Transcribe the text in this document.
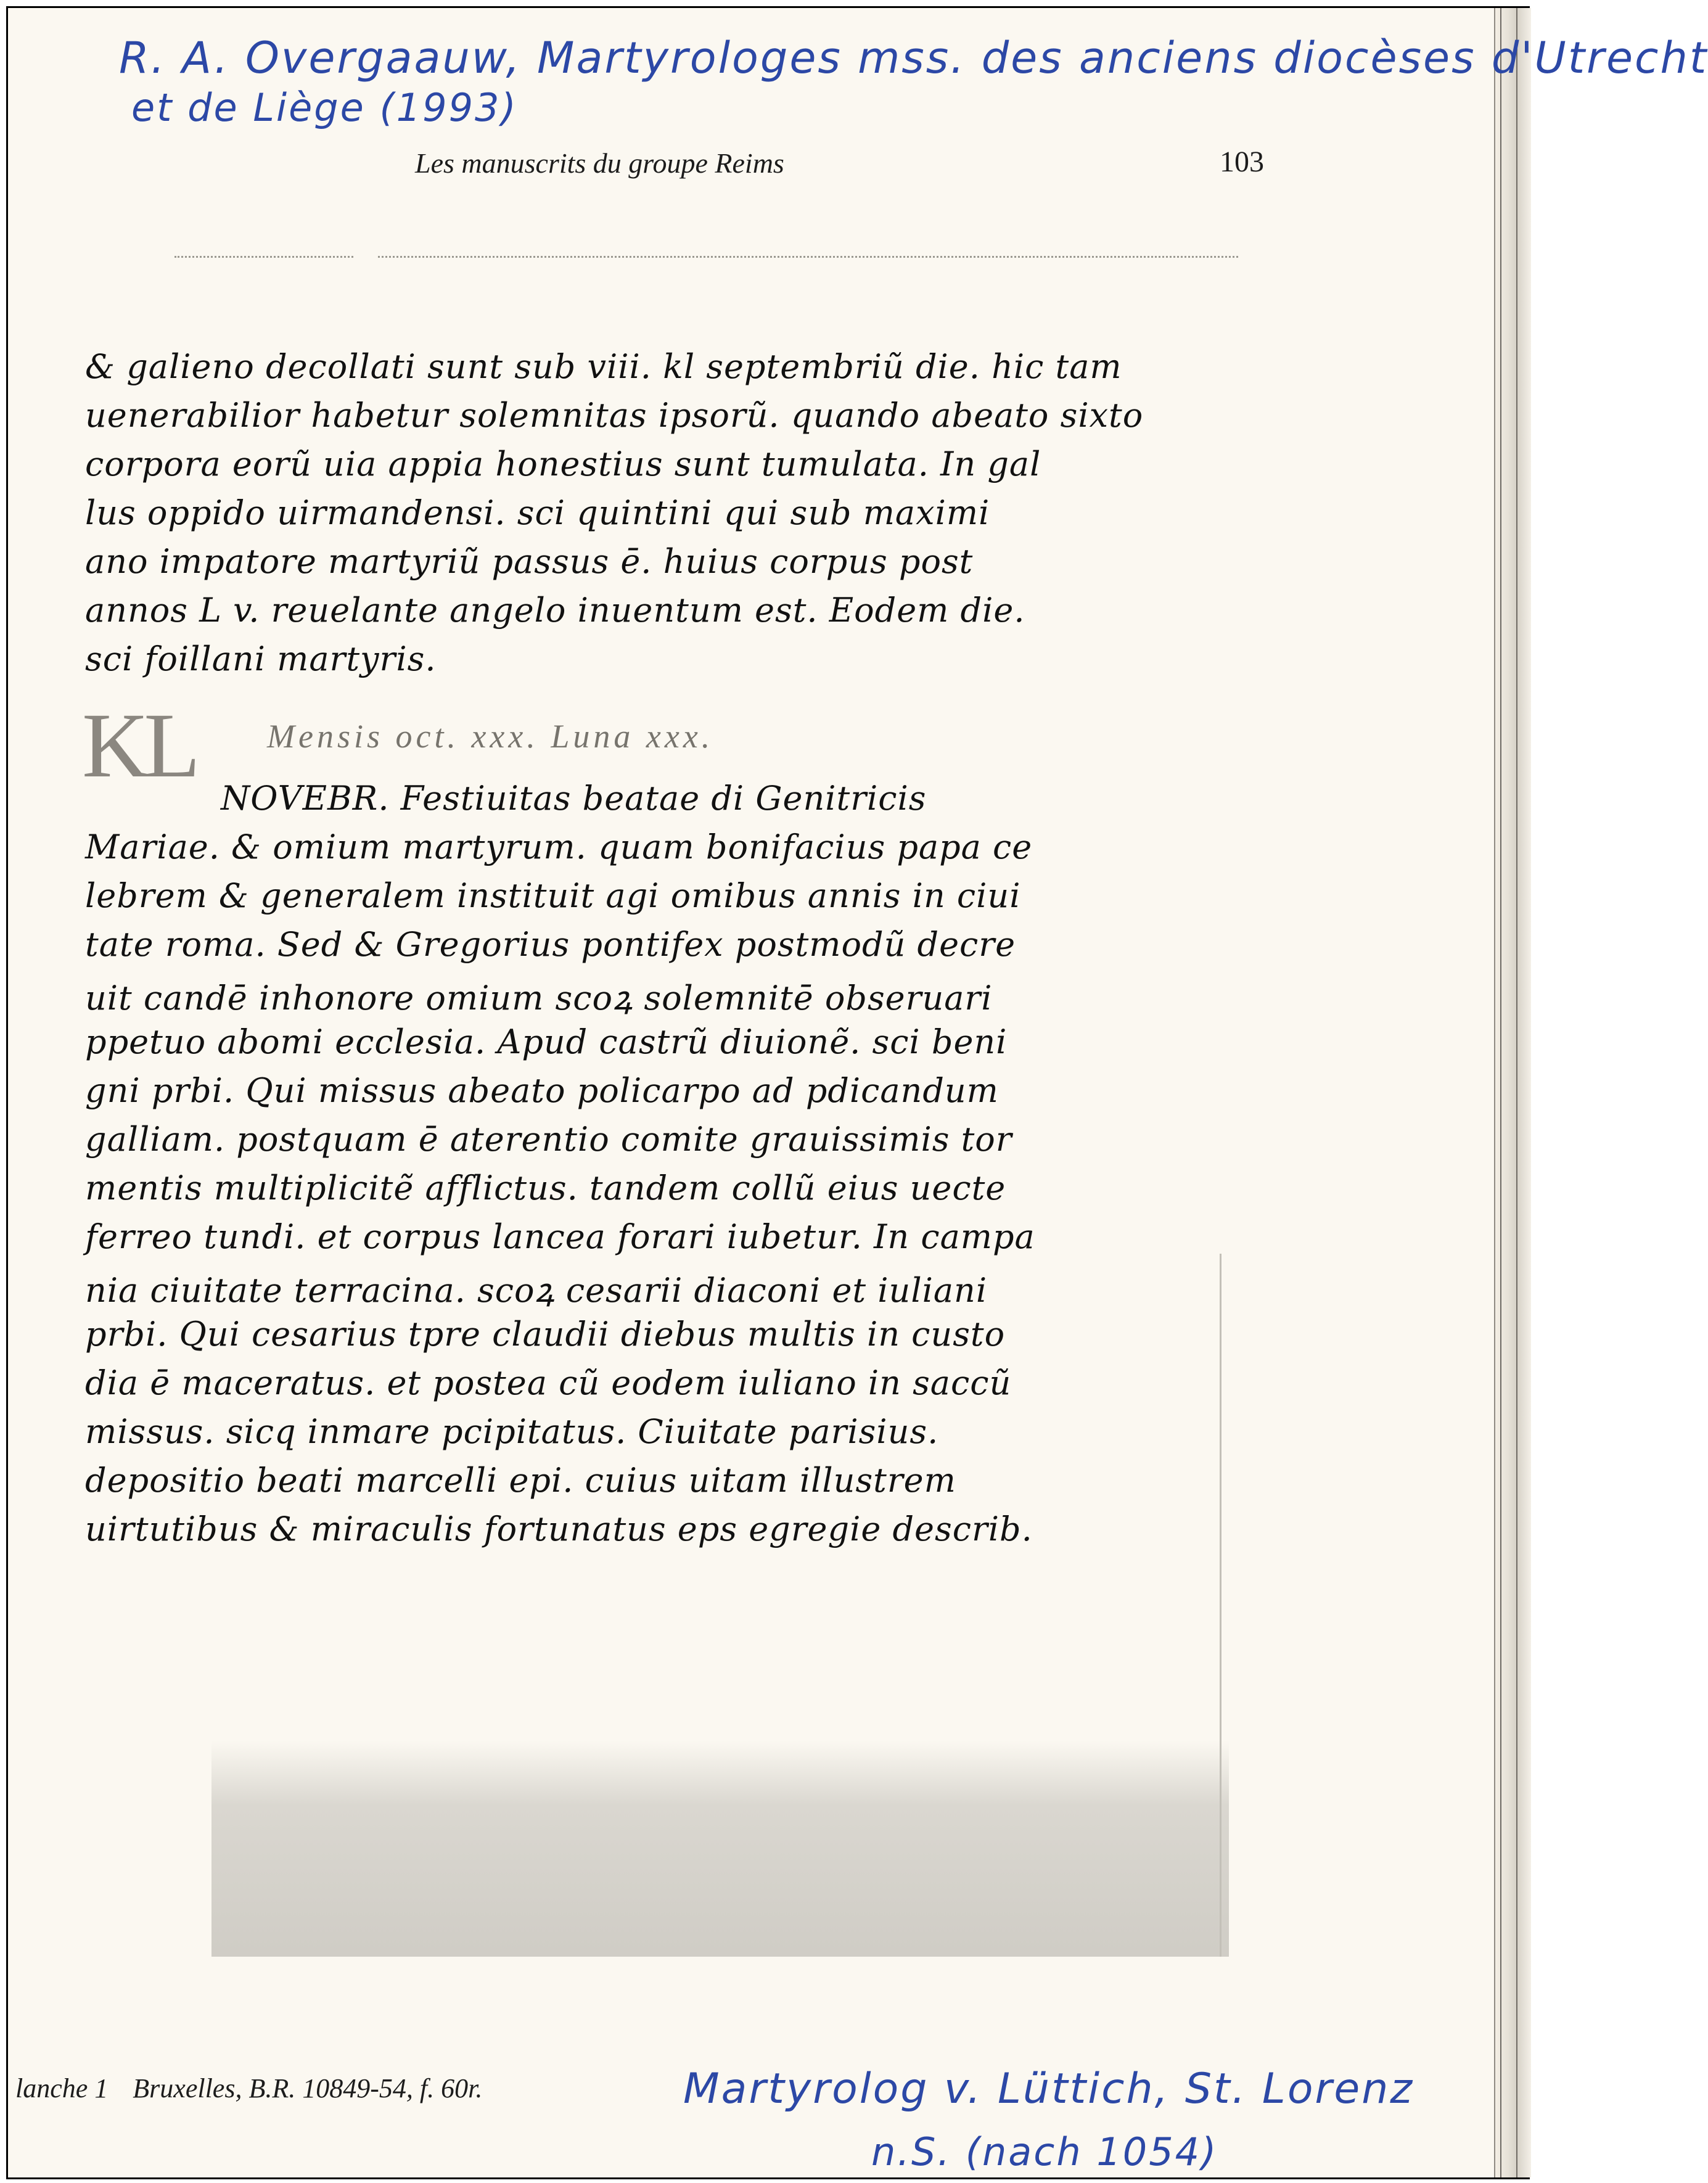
R. A. Overgaauw, Martyrologes mss. des anciens diocèses d'Utrecht
et de Liège (1993)
Les manuscrits du groupe Reims	103
& galieno decollati sunt sub viii. kl septembriũ die. hic tam
uenerabilior habetur solemnitas ipsorũ. quando abeato sixto
corpora eorũ uia appia honestius sunt tumulata. In gal
lus oppido uirmandensi. sci quintini qui sub maximi
ano impatore martyriũ passus ē. huius corpus post
annos L v. reuelante angelo inuentum est. Eodem die.
sci foillani martyris.
Mensis oct. xxx. Luna xxx.
KL
NOVEBR. Festiuitas beatae di Genitricis
Mariae. & omium martyrum. quam bonifacius papa ce
lebrem & generalem instituit agi omibus annis in ciui
tate roma. Sed & Gregorius pontifex postmodũ decre
uit candē inhonore omium scoꝝ solemnitē obseruari
ppetuo abomi ecclesia. Apud castrũ diuionẽ. sci beni
gni prbi. Qui missus abeato policarpo ad pdicandum
galliam. postquam ē aterentio comite grauissimis tor
mentis multiplicitẽ afflictus. tandem collũ eius uecte
ferreo tundi. et corpus lancea forari iubetur. In campa
nia ciuitate terracina. scoꝝ cesarii diaconi et iuliani
prbi. Qui cesarius tpre claudii diebus multis in custo
dia ē maceratus. et postea cũ eodem iuliano in saccũ
missus. sicq inmare pcipitatus. Ciuitate parisius.
depositio beati marcelli epi. cuius uitam illustrem
uirtutibus & miraculis fortunatus eps egregie describ.
Martyrolog v. Lüttich, St. Lorenz
n.S. (nach 1054)
lanche 1 Bruxelles, B.R. 10849-54, f. 60r.
